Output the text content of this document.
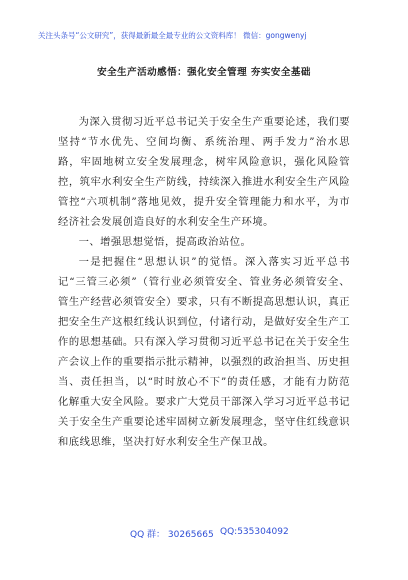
关注头条号“公文研究”，获得最新最全最专业的公文资料库！ 微信：gongwenyj
安全生产活动感悟：强化安全管理 夯实安全基础

为深入贯彻习近平总书记关于安全生产重要论述，我们要坚持“节水优先、空间均衡、系统治理、两手发力”治水思路，牢固地树立安全发展理念，树牢风险意识，强化风险管控，筑牢水利安全生产防线，持续深入推进水利安全生产风险管控“六项机制”落地见效，提升安全管理能力和水平，为市经济社会发展创造良好的水利安全生产环境。

一、增强思想觉悟，提高政治站位。

一是把握住“思想认识”的觉悟。深入落实习近平总书记“三管三必须”（管行业必须管安全、管业务必须管安全、管生产经营必须管安全）要求，只有不断提高思想认识，真正把安全生产这根红线认识到位，付诸行动，是做好安全生产工作的思想基础。只有深入学习贯彻习近平总书记在关于安全生产会议上作的重要指示批示精神，以强烈的政治担当、历史担当、责任担当，以“时时放心不下”的责任感，才能有力防范化解重大安全风险。要求广大党员干部深入学习习近平总书记关于安全生产重要论述牢固树立新发展理念，坚守住红线意识和底线思维，坚决打好水利安全生产保卫战。

QQ 群： 30265665 QQ:535304092
